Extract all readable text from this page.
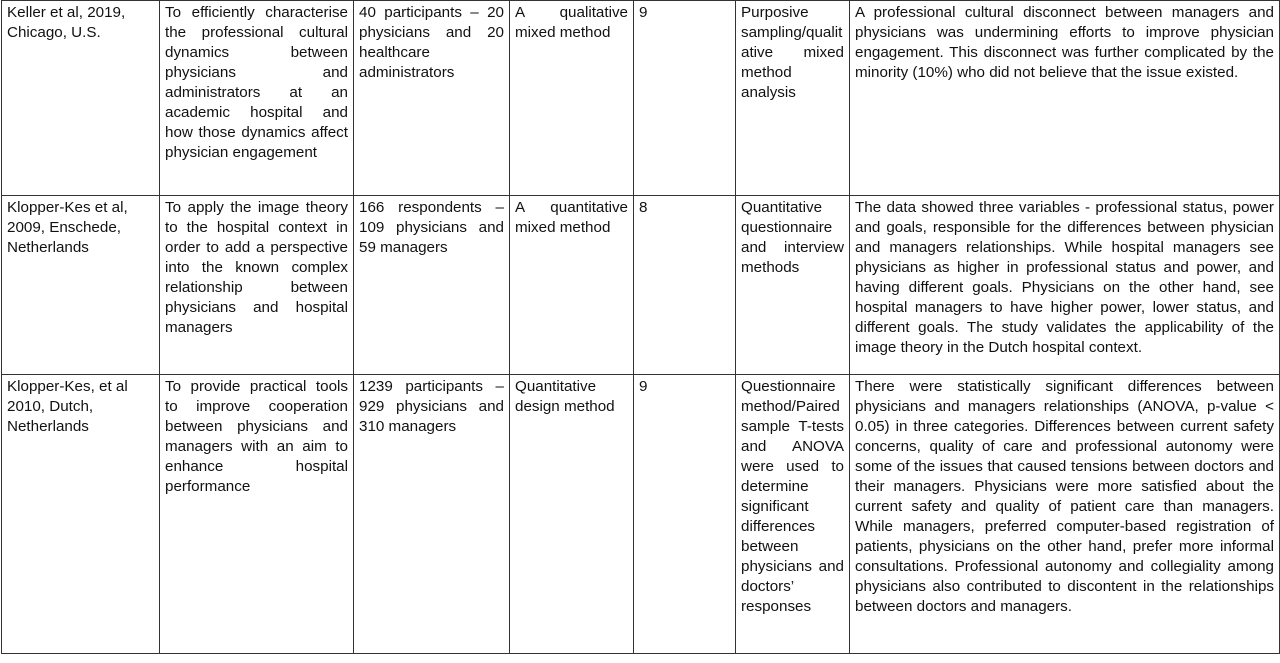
Keller et al, 2019, Chicago, U.S.	To efficiently characterise the professional cultural dynamics between physicians and administrators at an academic hospital and how those dynamics affect physician engagement	40 participants – 20 physicians and 20 healthcare administrators	A qualitative mixed method	9	Purposive sampling/qualitative mixed method analysis	A professional cultural disconnect between managers and physicians was undermining efforts to improve physician engagement. This disconnect was further complicated by the minority (10%) who did not believe that the issue existed.
Klopper-Kes et al, 2009, Enschede, Netherlands	To apply the image theory to the hospital context in order to add a perspective into the known complex relationship between physicians and hospital managers	166 respondents – 109 physicians and 59 managers	A quantitative mixed method	8	Quantitative questionnaire and interview methods	The data showed three variables - professional status, power and goals, responsible for the differences between physician and managers relationships. While hospital managers see physicians as higher in professional status and power, and having different goals. Physicians on the other hand, see hospital managers to have higher power, lower status, and different goals. The study validates the applicability of the image theory in the Dutch hospital context.
Klopper-Kes, et al 2010, Dutch, Netherlands	To provide practical tools to improve cooperation between physicians and managers with an aim to enhance hospital performance	1239 participants – 929 physicians and 310 managers	Quantitative design method	9	Questionnaire method/Paired sample T-tests and ANOVA were used to determine significant differences between physicians and doctors’ responses	There were statistically significant differences between physicians and managers relationships (ANOVA, p-value < 0.05) in three categories. Differences between current safety concerns, quality of care and professional autonomy were some of the issues that caused tensions between doctors and their managers. Physicians were more satisfied about the current safety and quality of patient care than managers. While managers, preferred computer-based registration of patients, physicians on the other hand, prefer more informal consultations. Professional autonomy and collegiality among physicians also contributed to discontent in the relationships between doctors and managers.
